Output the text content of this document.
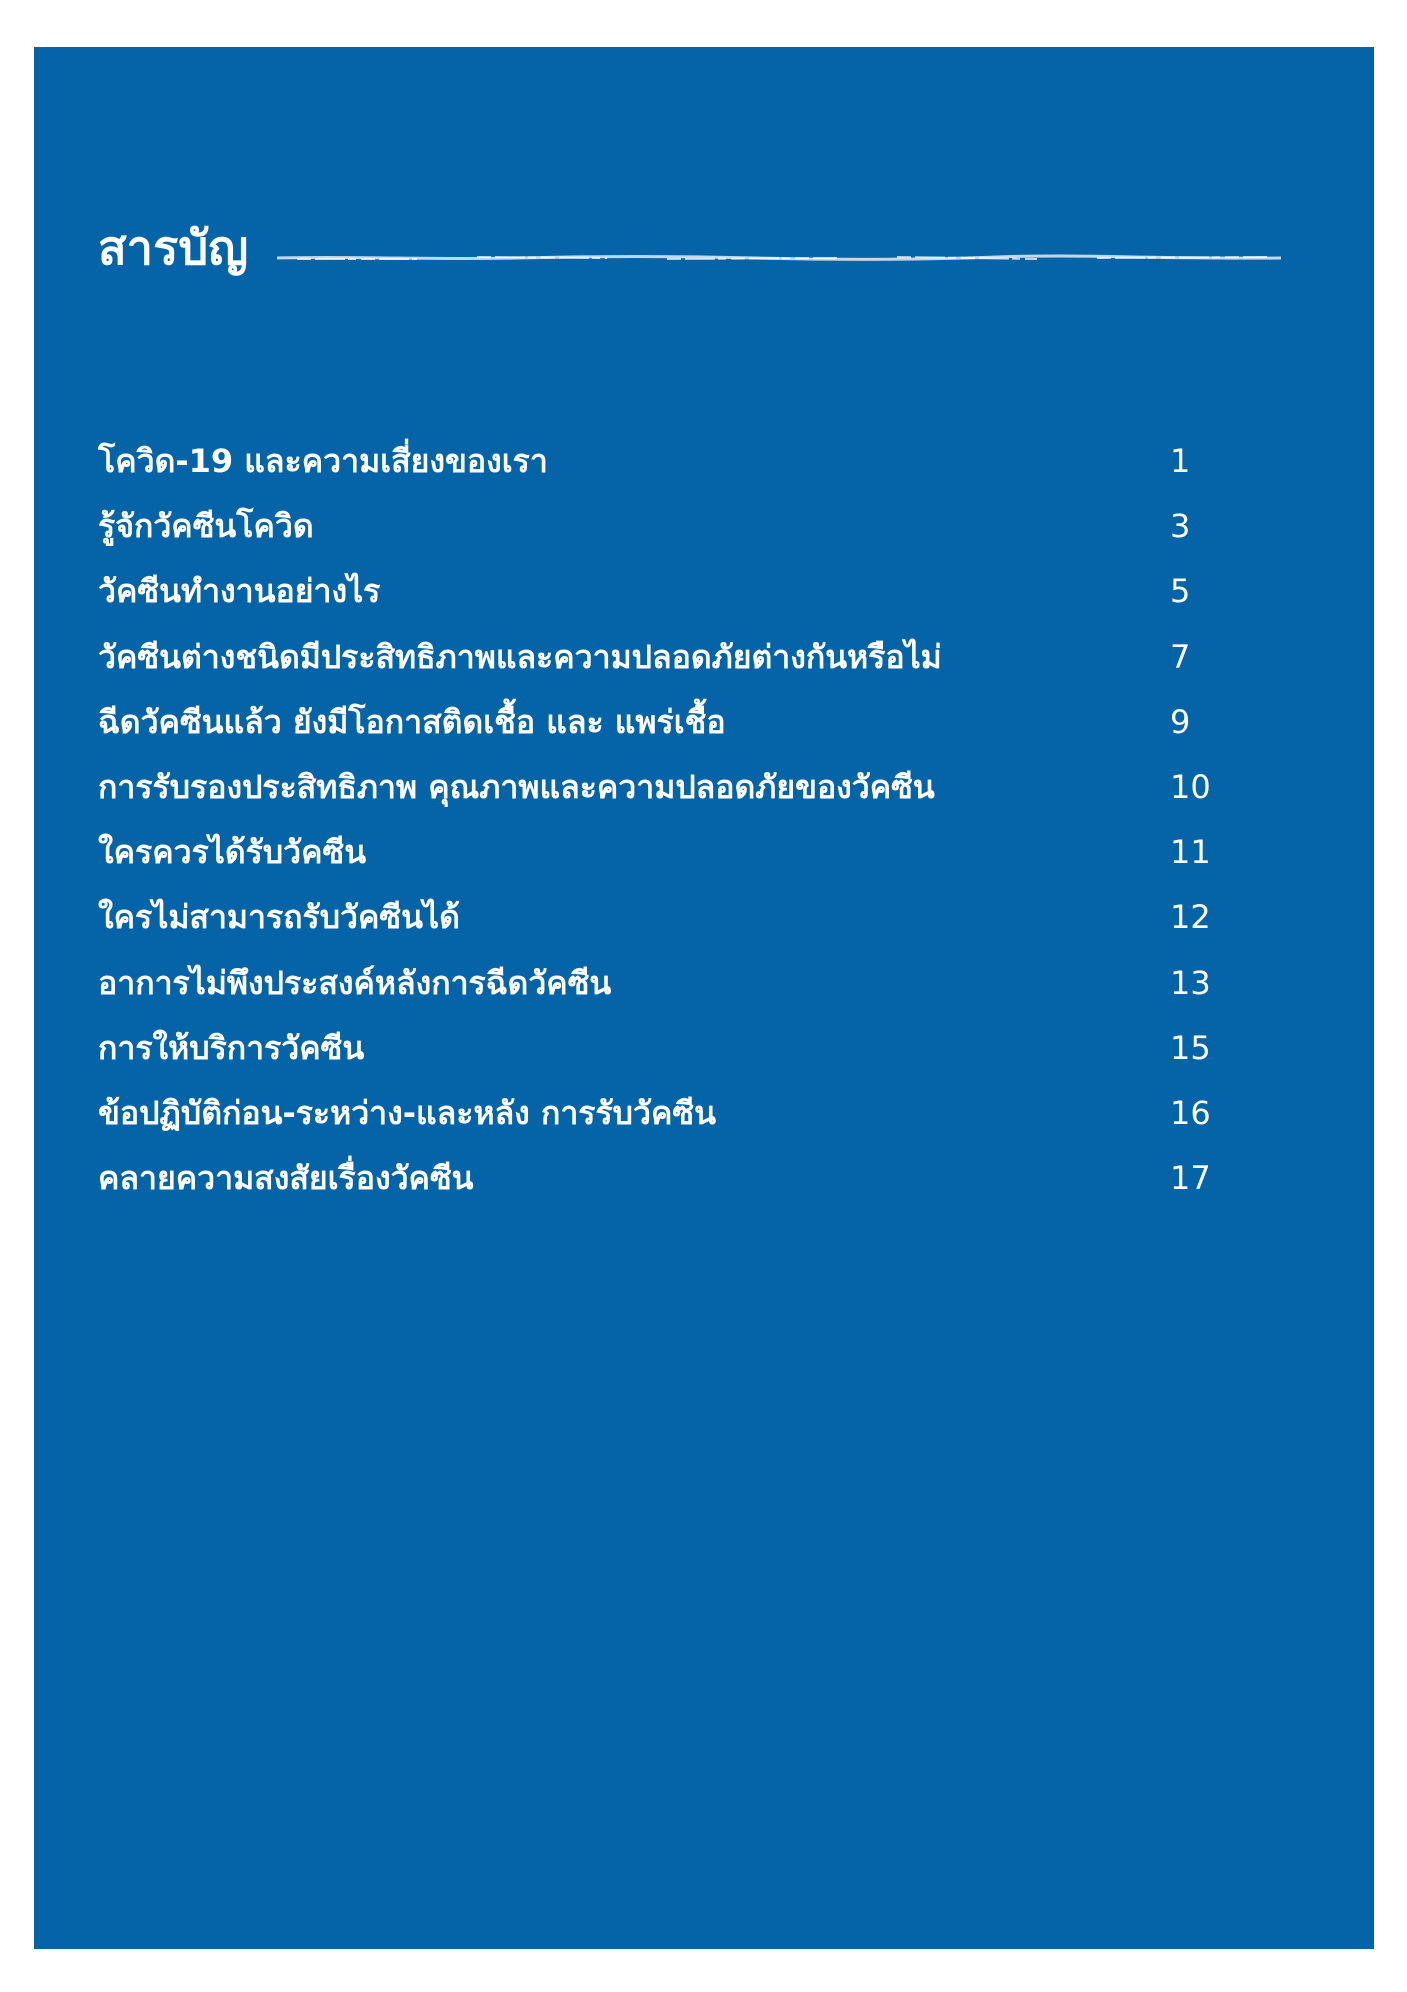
สารบัญ
โควิด-19 และความเสี่ยงของเรา	1
รู้จักวัคซีนโควิด	3
วัคซีนทำงานอย่างไร	5
วัคซีนต่างชนิดมีประสิทธิภาพและความปลอดภัยต่างกันหรือไม่	7
ฉีดวัคซีนแล้ว ยังมีโอกาสติดเชื้อ และ แพร่เชื้อ	9
การรับรองประสิทธิภาพ คุณภาพและความปลอดภัยของวัคซีน	10
ใครควรได้รับวัคซีน	11
ใครไม่สามารถรับวัคซีนได้	12
อาการไม่พึงประสงค์หลังการฉีดวัคซีน	13
การให้บริการวัคซีน	15
ข้อปฏิบัติก่อน-ระหว่าง-และหลัง การรับวัคซีน	16
คลายความสงสัยเรื่องวัคซีน	17
